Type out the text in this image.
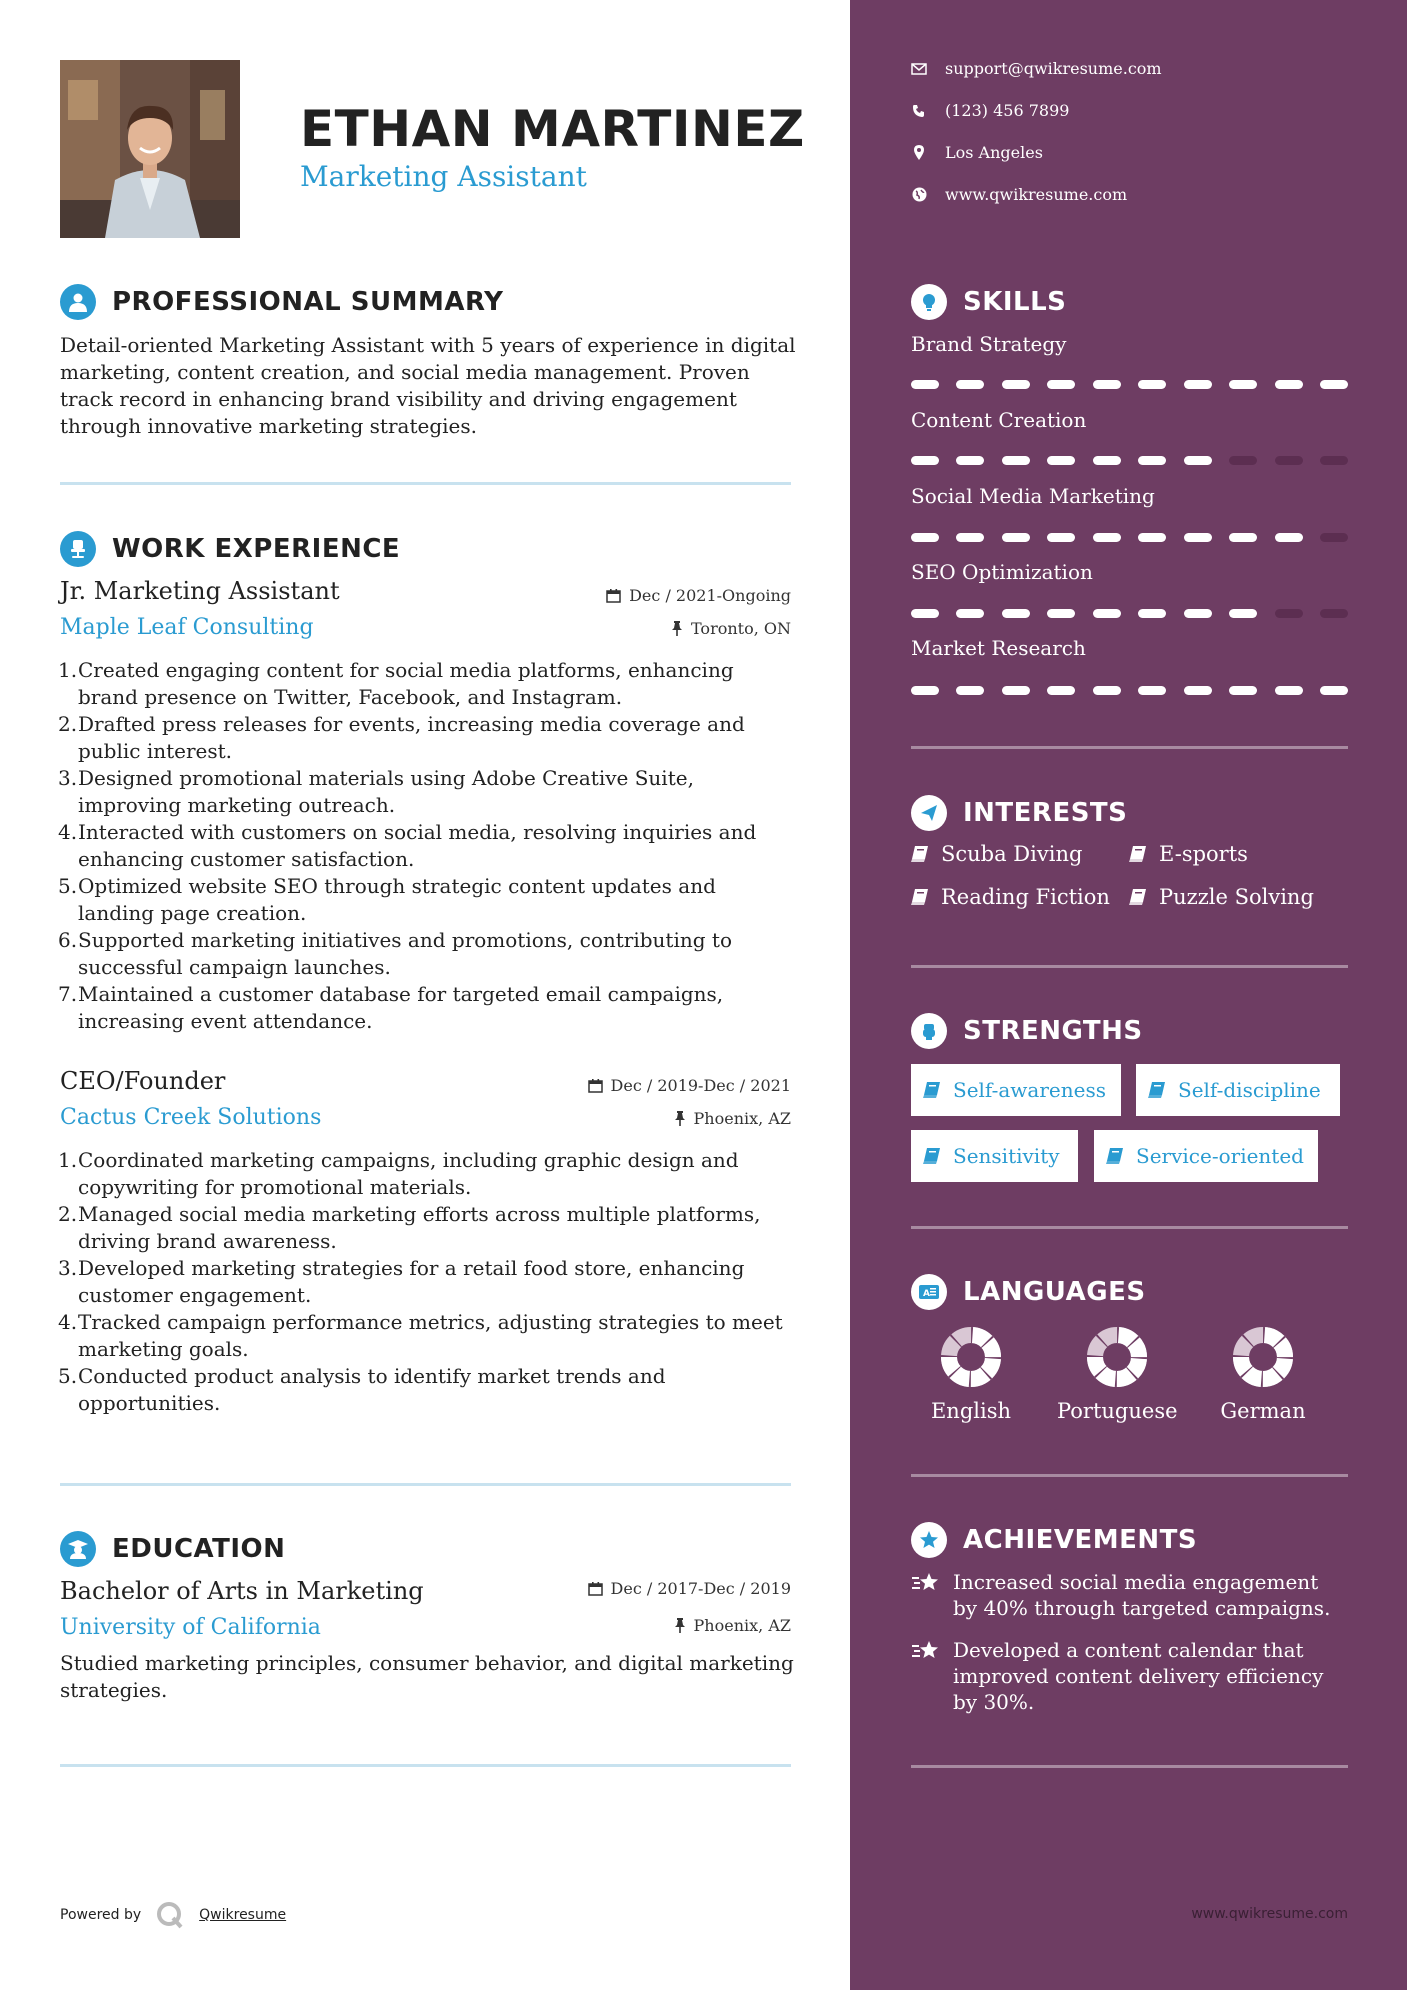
ETHAN MARTINEZ
Marketing Assistant
PROFESSIONAL SUMMARY
Detail-oriented Marketing Assistant with 5 years of experience in digital marketing, content creation, and social media management. Proven track record in enhancing brand visibility and driving engagement through innovative marketing strategies.
WORK EXPERIENCE
Jr. Marketing Assistant	Dec / 2021-Ongoing
Maple Leaf Consulting	Toronto, ON
1. Created engaging content for social media platforms, enhancing brand presence on Twitter, Facebook, and Instagram.
2. Drafted press releases for events, increasing media coverage and public interest.
3. Designed promotional materials using Adobe Creative Suite, improving marketing outreach.
4. Interacted with customers on social media, resolving inquiries and enhancing customer satisfaction.
5. Optimized website SEO through strategic content updates and landing page creation.
6. Supported marketing initiatives and promotions, contributing to successful campaign launches.
7. Maintained a customer database for targeted email campaigns, increasing event attendance.
CEO/Founder	Dec / 2019-Dec / 2021
Cactus Creek Solutions	Phoenix, AZ
1. Coordinated marketing campaigns, including graphic design and copywriting for promotional materials.
2. Managed social media marketing efforts across multiple platforms, driving brand awareness.
3. Developed marketing strategies for a retail food store, enhancing customer engagement.
4. Tracked campaign performance metrics, adjusting strategies to meet marketing goals.
5. Conducted product analysis to identify market trends and opportunities.
EDUCATION
Bachelor of Arts in Marketing	Dec / 2017-Dec / 2019
University of California	Phoenix, AZ
Studied marketing principles, consumer behavior, and digital marketing strategies.
Powered by	Qwikresume
support@qwikresume.com
(123) 456 7899
Los Angeles
www.qwikresume.com
SKILLS
Brand Strategy
Content Creation
Social Media Marketing
SEO Optimization
Market Research
INTERESTS
Scuba Diving	E-sports
Reading Fiction Puzzle Solving
STRENGTHS
Self-awareness	Self-discipline
Sensitivity	Service-oriented
A LANGUAGES
English	Portuguese	German
ACHIEVEMENTS
Increased social media engagement by 40% through targeted campaigns.
Developed a content calendar that improved content delivery efficiency by 30%.
www.qwikresume.com
